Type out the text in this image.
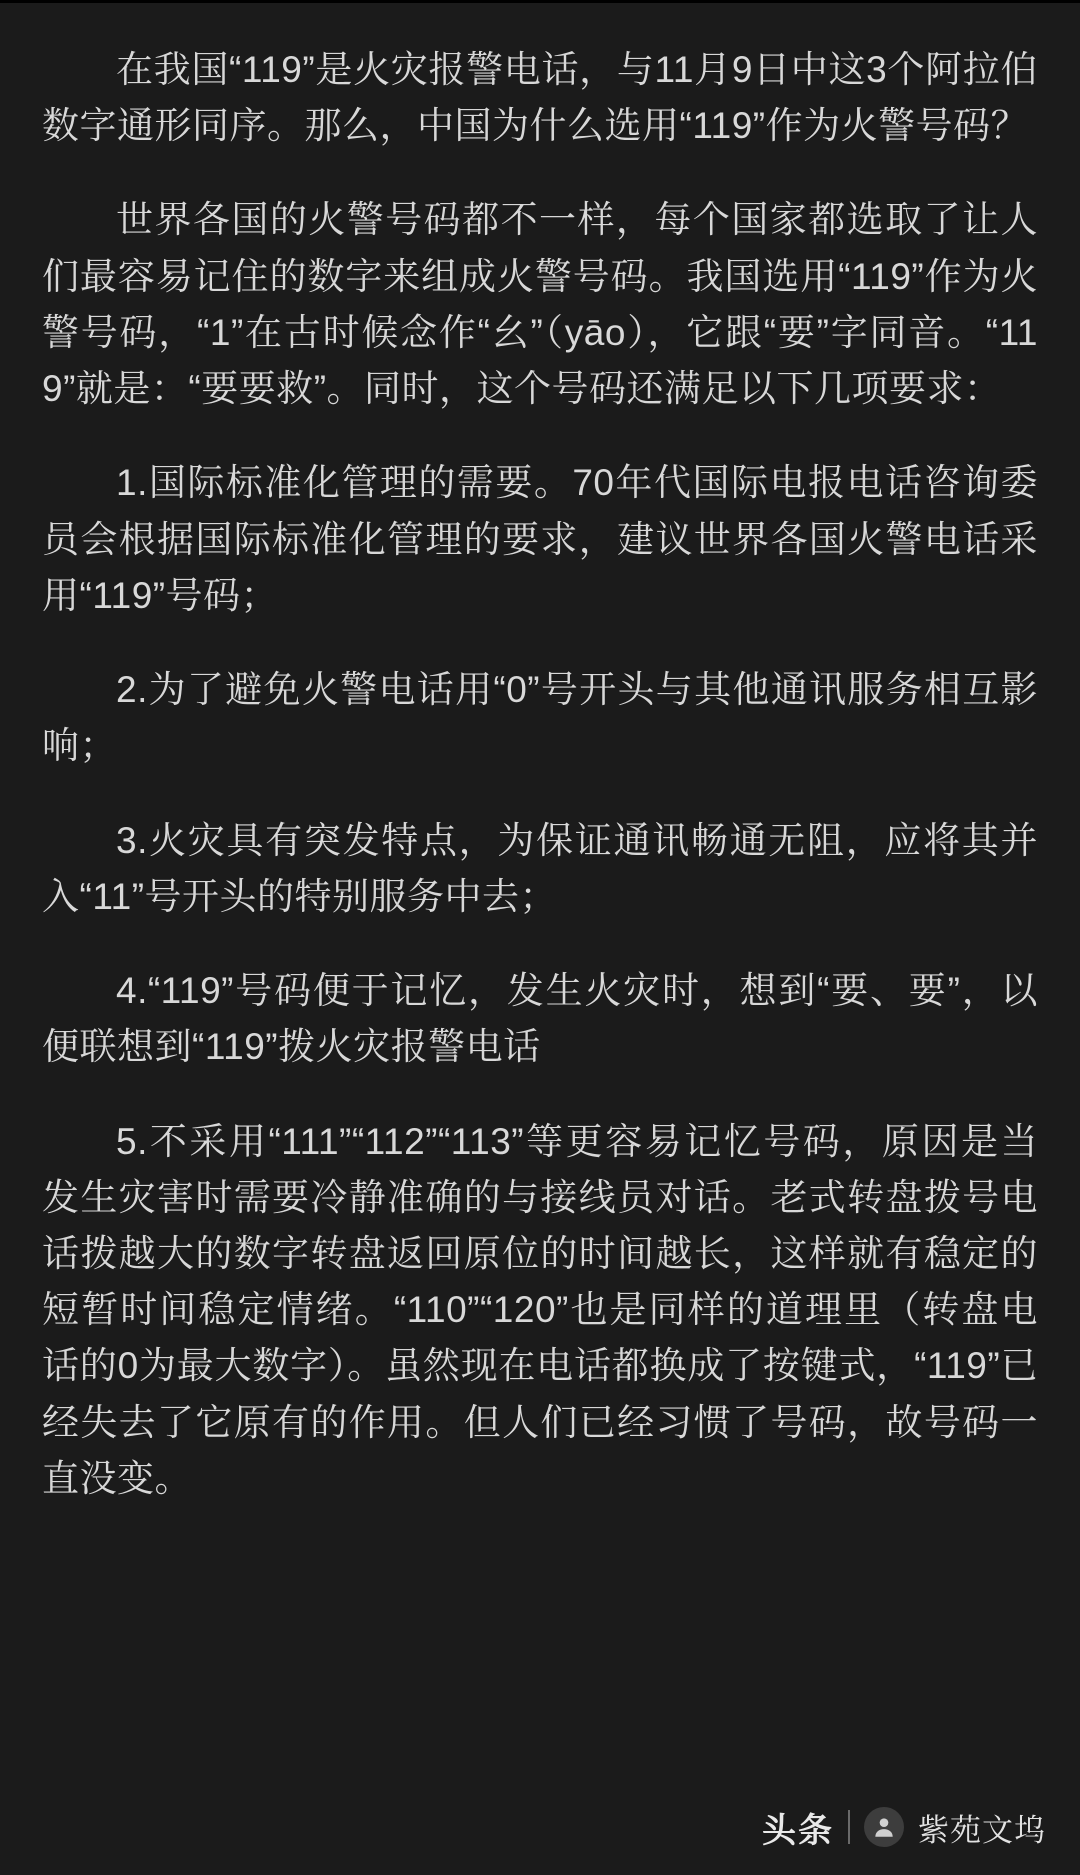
在我国“119”是火灾报警电话，与11月9日中这3个阿拉伯数字通形同序。那么，中国为什么选用“119”作为火警号码？

世界各国的火警号码都不一样，每个国家都选取了让人们最容易记住的数字来组成火警号码。我国选用“119”作为火警号码，“1”在古时候念作“幺”（yāo），它跟“要”字同音。“119”就是：“要要救”。同时，这个号码还满足以下几项要求：

1.国际标准化管理的需要。70年代国际电报电话咨询委员会根据国际标准化管理的要求，建议世界各国火警电话采用“119”号码；

2.为了避免火警电话用“0”号开头与其他通讯服务相互影响；

3.火灾具有突发特点，为保证通讯畅通无阻，应将其并入“11”号开头的特别服务中去；

4.“119”号码便于记忆，发生火灾时，想到“要、要”，以便联想到“119”拨火灾报警电话

5.不采用“111”“112”“113”等更容易记忆号码，原因是当发生灾害时需要冷静准确的与接线员对话。老式转盘拨号电话拨越大的数字转盘返回原位的时间越长，这样就有稳定的短暂时间稳定情绪。“110”“120”也是同样的道理里（转盘电话的0为最大数字）。虽然现在电话都换成了按键式，“119”已经失去了它原有的作用。但人们已经习惯了号码，故号码一直没变。

头条	紫苑文坞
